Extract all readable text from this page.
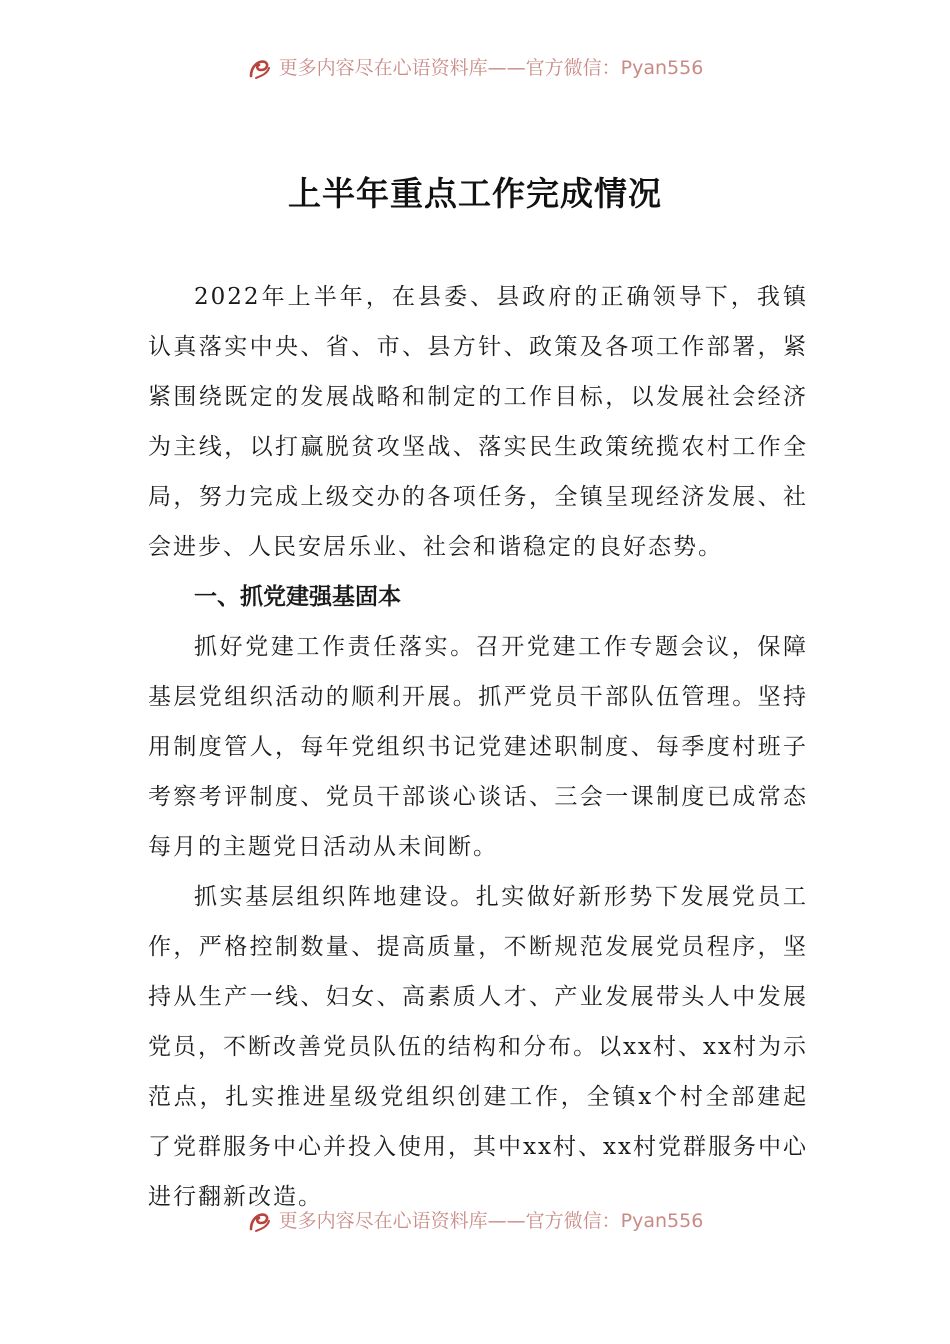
更多内容尽在心语资料库——官方微信：Pyan556
上半年重点工作完成情况

2022年上半年，在县委、县政府的正确领导下，我镇认真落实中央、省、市、县方针、政策及各项工作部署，紧紧围绕既定的发展战略和制定的工作目标，以发展社会经济为主线，以打赢脱贫攻坚战、落实民生政策统揽农村工作全局，努力完成上级交办的各项任务，全镇呈现经济发展、社会进步、人民安居乐业、社会和谐稳定的良好态势。

一、抓党建强基固本

抓好党建工作责任落实。召开党建工作专题会议，保障基层党组织活动的顺利开展。抓严党员干部队伍管理。坚持用制度管人，每年党组织书记党建述职制度、每季度村班子考察考评制度、党员干部谈心谈话、三会一课制度已成常态每月的主题党日活动从未间断。

抓实基层组织阵地建设。扎实做好新形势下发展党员工作，严格控制数量、提高质量，不断规范发展党员程序，坚持从生产一线、妇女、高素质人才、产业发展带头人中发展党员，不断改善党员队伍的结构和分布。以xx村、xx村为示范点，扎实推进星级党组织创建工作，全镇x个村全部建起了党群服务中心并投入使用，其中xx村、xx村党群服务中心进行翻新改造。

更多内容尽在心语资料库——官方微信：Pyan556
